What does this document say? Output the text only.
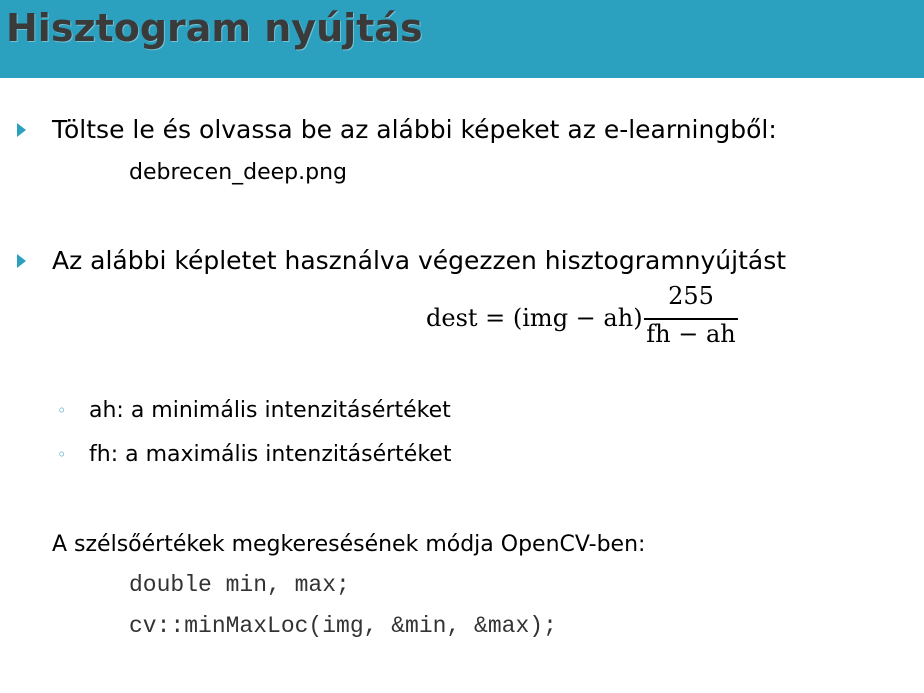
Hisztogram nyújtás
Töltse le és olvassa be az alábbi képeket az e-learningből:
debrecen_deep.png
Az alábbi képletet használva végezzen hisztogramnyújtást
dest = (img − ah)
255
fh − ah
◦ ah: a minimális intenzitásértéket
◦ fh: a maximális intenzitásértéket
A szélsőértékek megkeresésének módja OpenCV-ben:
double min, max;
cv::minMaxLoc(img, &min, &max);
